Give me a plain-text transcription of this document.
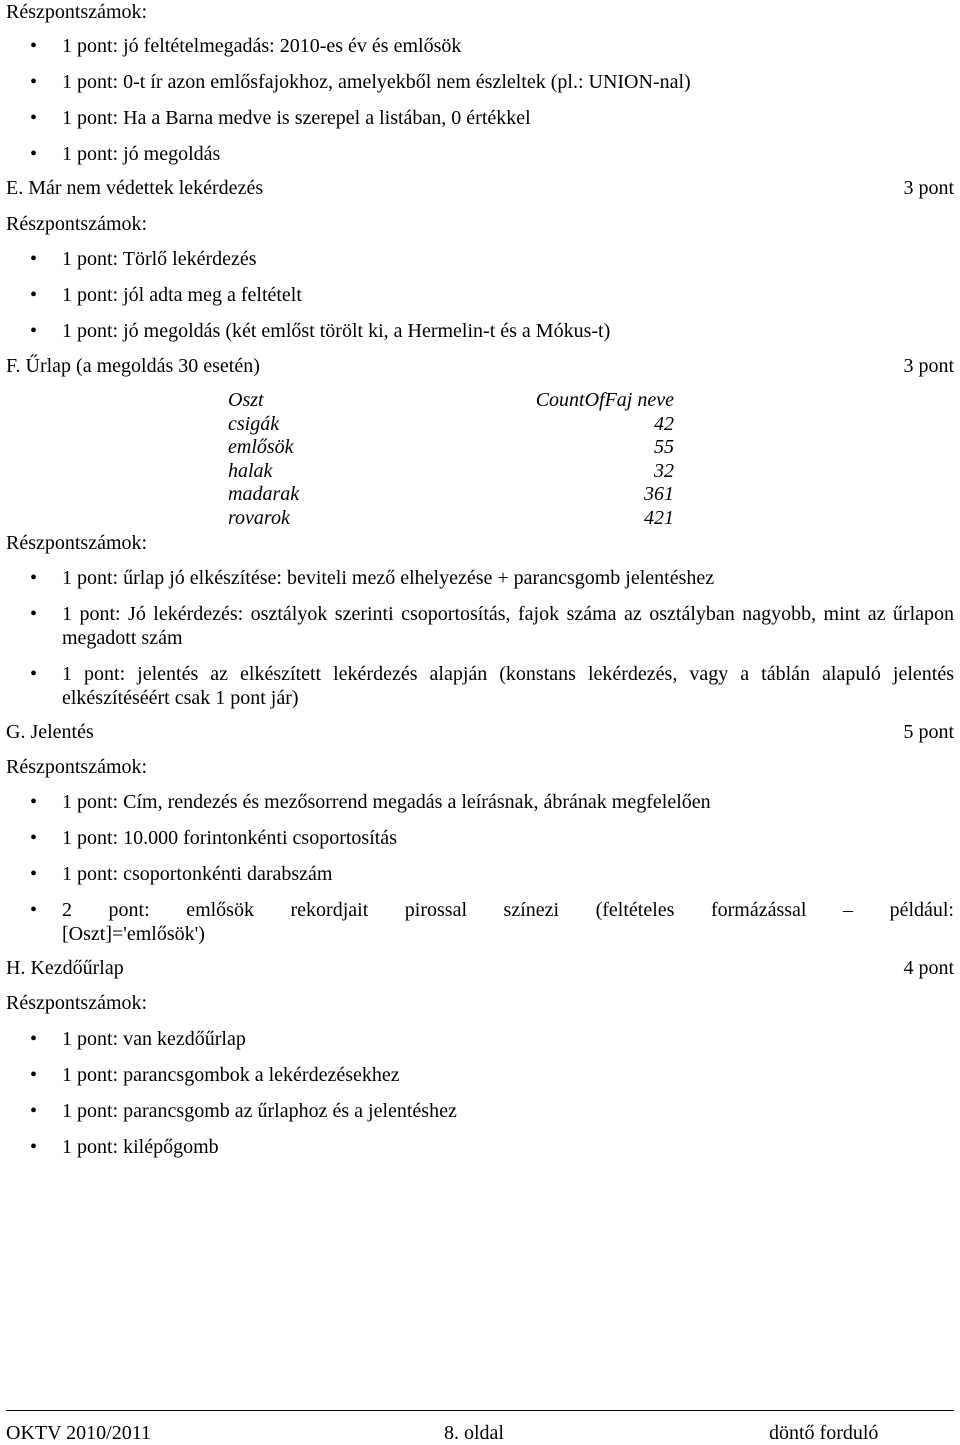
Részpontszámok:
• 1 pont: jó feltételmegadás: 2010-es év és emlősök
• 1 pont: 0-t ír azon emlősfajokhoz, amelyekből nem észleltek (pl.: UNION-nal)
• 1 pont: Ha a Barna medve is szerepel a listában, 0 értékkel
• 1 pont: jó megoldás
E. Már nem védettek lekérdezés	3 pont
Részpontszámok:
• 1 pont: Törlő lekérdezés
• 1 pont: jól adta meg a feltételt
• 1 pont: jó megoldás (két emlőst törölt ki, a Hermelin-t és a Mókus-t)
F. Űrlap (a megoldás 30 esetén)	3 pont
Oszt	CountOfFaj neve
csigák	42
emlősök	55
halak	32
madarak	361
rovarok	421
Részpontszámok:
• 1 pont: űrlap jó elkészítése: beviteli mező elhelyezése + parancsgomb jelentéshez
• 1 pont: Jó lekérdezés: osztályok szerinti csoportosítás, fajok száma az osztályban nagyobb, mint az űrlapon megadott szám
• 1 pont: jelentés az elkészített lekérdezés alapján (konstans lekérdezés, vagy a táblán alapuló jelentés elkészítéséért csak 1 pont jár)
G. Jelentés	5 pont
Részpontszámok:
• 1 pont: Cím, rendezés és mezősorrend megadás a leírásnak, ábrának megfelelően
• 1 pont: 10.000 forintonkénti csoportosítás
• 1 pont: csoportonkénti darabszám
• 2 pont: emlősök rekordjait pirossal színezi (feltételes formázással – például:
[Oszt]='emlősök')
H. Kezdőűrlap	4 pont
Részpontszámok:
• 1 pont: van kezdőűrlap
• 1 pont: parancsgombok a lekérdezésekhez
• 1 pont: parancsgomb az űrlaphoz és a jelentéshez
• 1 pont: kilépőgomb
OKTV 2010/2011	8. oldal	döntő forduló
